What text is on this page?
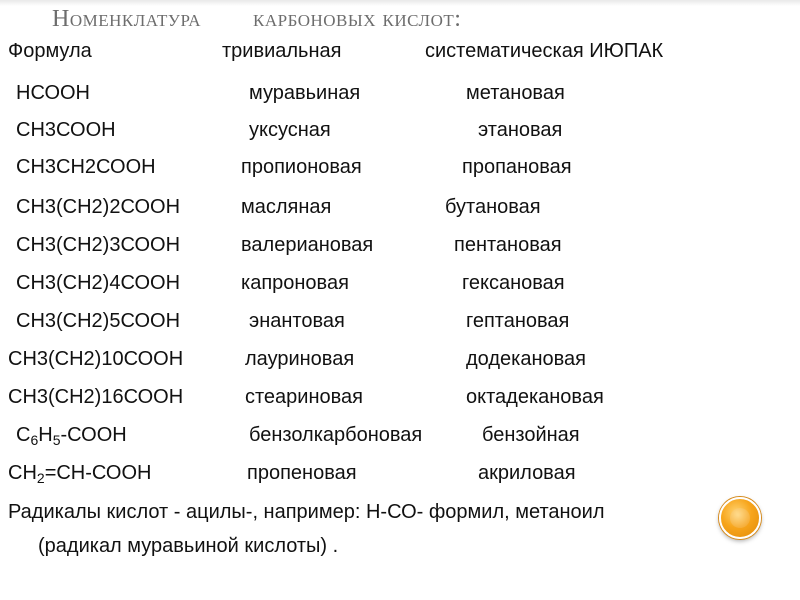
Номенклатура        карбоновых кислот:
Формула	тривиальная	систематическая ИЮПАК
НСООН	муравьиная	метановая
СН3СООН	уксусная	этановая
СН3СН2СООН	пропионовая	пропановая
СН3(СН2)2СООН	масляная	бутановая
СН3(СН2)3СООН	валериановая	пентановая
СН3(СН2)4СООН	капроновая	гексановая
СН3(СН2)5СООН	энантовая	гептановая
СН3(СН2)10СООН	лауриновая	додекановая
СН3(СН2)16СООН	стеариновая	октадекановая
$С_6Н_5$-СООН	бензолкарбоновая	бензойная
$СН_2=СН$-СООН	пропеновая	акриловая
Радикалы кислот - ацилы-, например: Н-СО- формил, метаноил
(радикал муравьиной кислоты) .
